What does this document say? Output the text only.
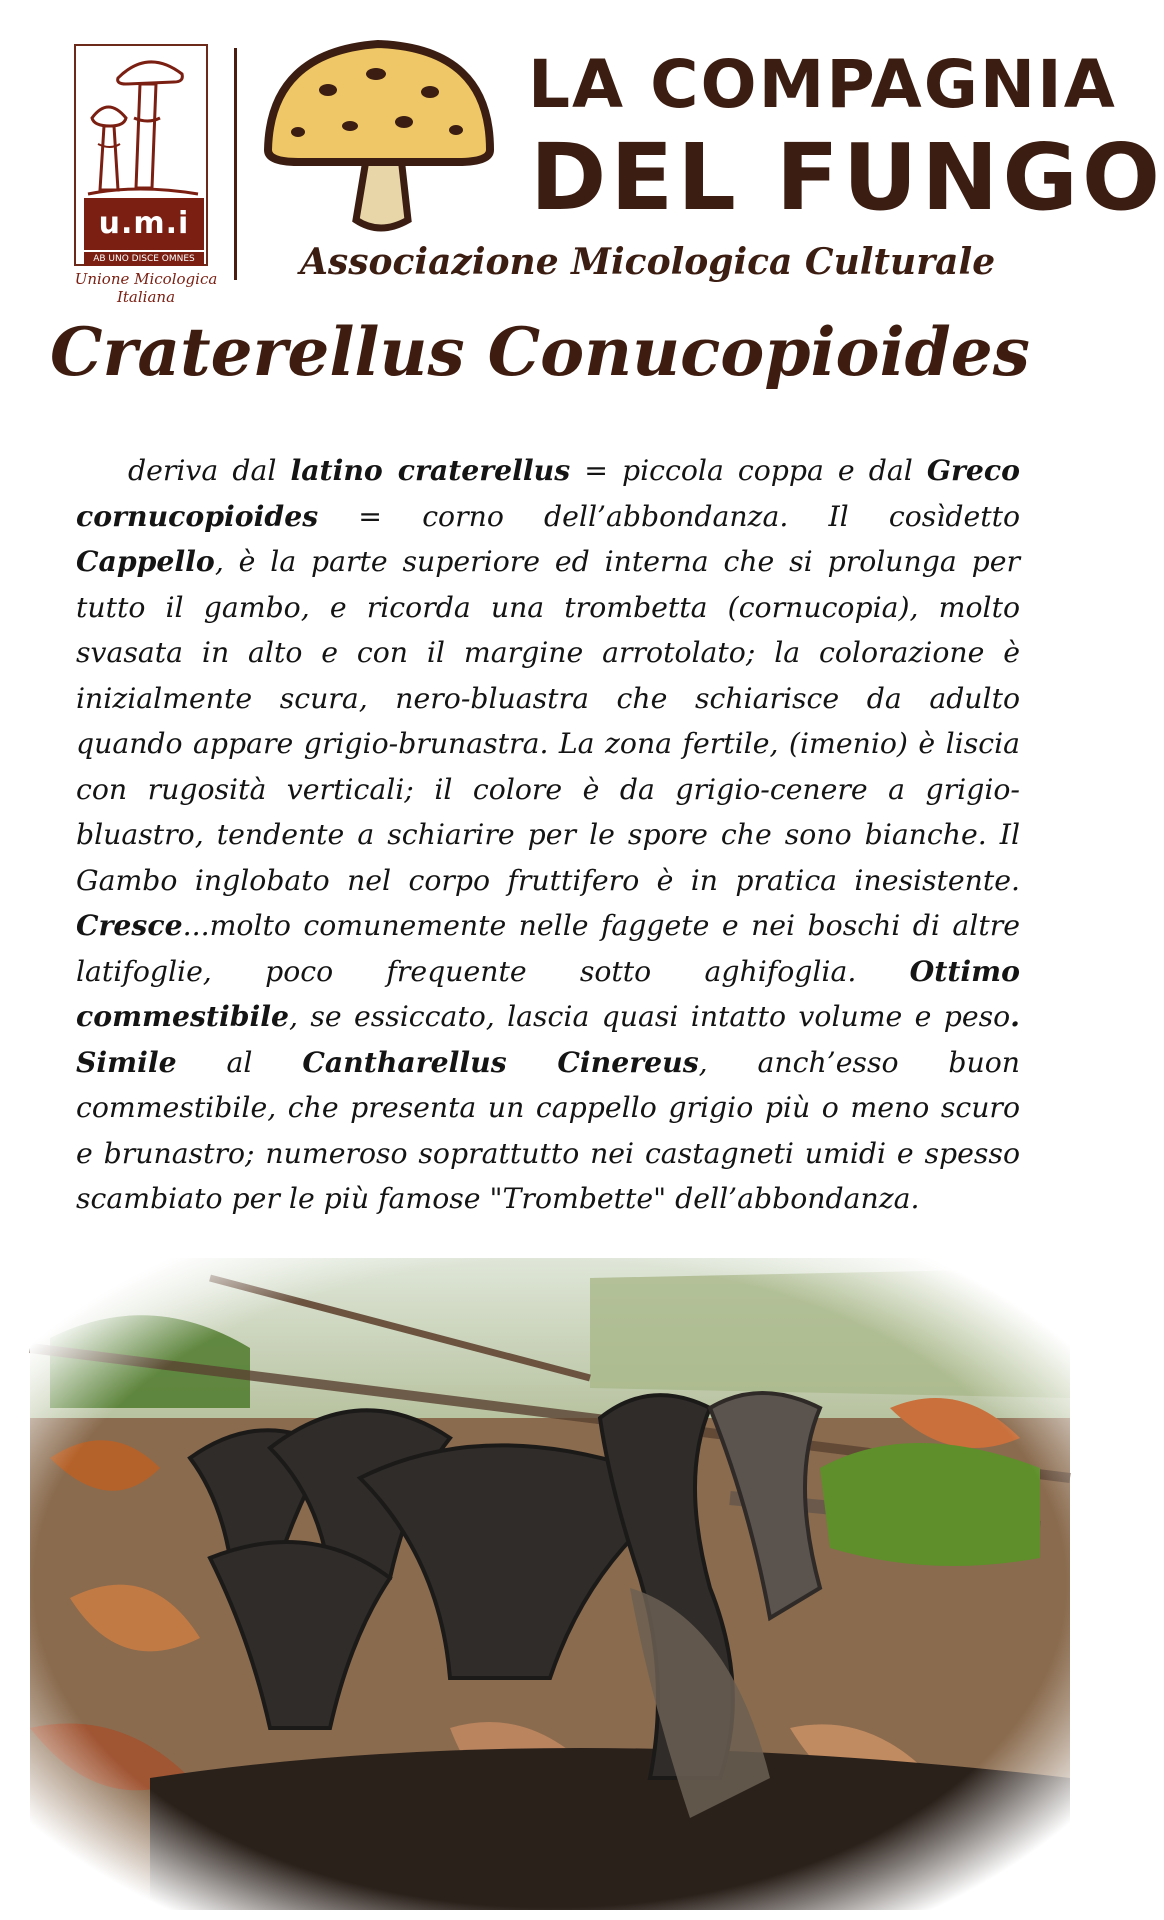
u.m.i
AB UNO DISCE OMNES
Unione Micologica Italiana
LA COMPAGNIA
DEL FUNGO
Associazione Micologica Culturale
Craterellus Conucopioides

deriva dal latino craterellus = piccola coppa e dal Greco cornucopioides = corno dell’abbondanza. Il cosìdetto Cappello, è la parte superiore ed interna che si prolunga per tutto il gambo, e ricorda una trombetta (cornucopia), molto svasata in alto e con il margine arrotolato; la colorazione è inizialmente scura, nero-bluastra che schiarisce da adulto quando appare grigio-brunastra. La zona fertile, (imenio) è liscia con rugosità verticali; il colore è da grigio-cenere a grigio-bluastro, tendente a schiarire per le spore che sono bianche. Il Gambo inglobato nel corpo fruttifero è in pratica inesistente. Cresce...molto comunemente nelle faggete e nei boschi di altre latifoglie, poco frequente sotto aghifoglia. Ottimo commestibile, se essiccato, lascia quasi intatto volume e peso. Simile al Cantharellus Cinereus, anch’esso buon commestibile, che presenta un cappello grigio più o meno scuro e brunastro; numeroso soprattutto nei castagneti umidi e spesso scambiato per le più famose "Trombette" dell’abbondanza.
